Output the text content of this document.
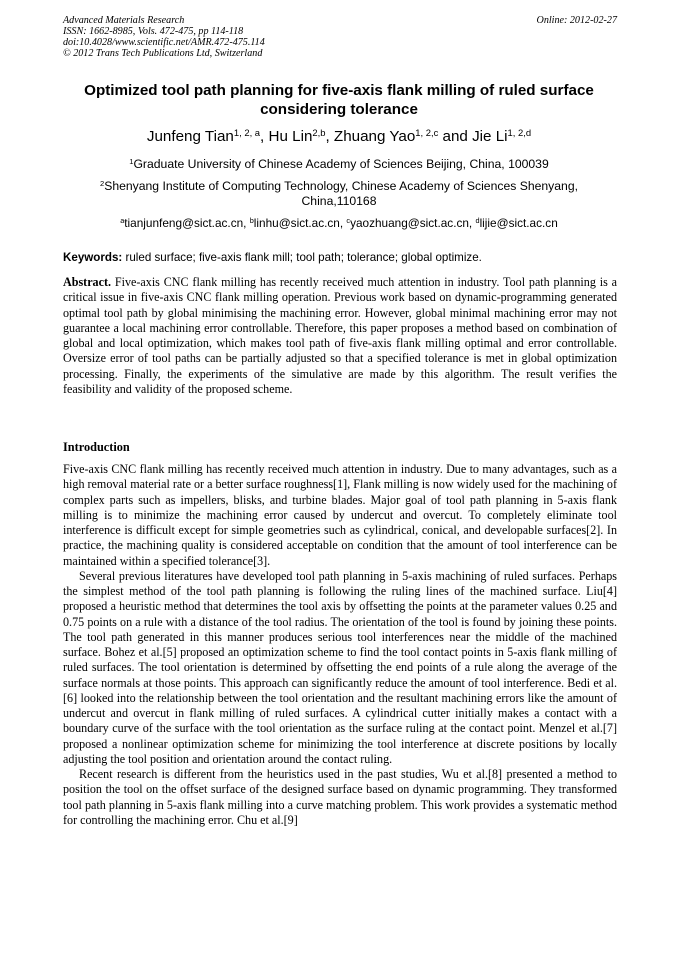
Advanced Materials Research
ISSN: 1662-8985, Vols. 472-475, pp 114-118
doi:10.4028/www.scientific.net/AMR.472-475.114
© 2012 Trans Tech Publications Ltd, Switzerland
Online: 2012-02-27
Optimized tool path planning for five-axis flank milling of ruled surface considering tolerance
Junfeng Tian$^{1, 2, a}$, Hu Lin$^{2,b}$, Zhuang Yao$^{1, 2,c}$ and Jie Li$^{1, 2,d}$
$^1$Graduate University of Chinese Academy of Sciences Beijing, China, 100039
$^2$Shenyang Institute of Computing Technology, Chinese Academy of Sciences Shenyang, China,110168
$^a$tianjunfeng@sict.ac.cn, $^b$linhu@sict.ac.cn, $^c$yaozhuang@sict.ac.cn, $^d$lijie@sict.ac.cn
Keywords: ruled surface; five-axis flank mill; tool path; tolerance; global optimize.
Abstract. Five-axis CNC flank milling has recently received much attention in industry. Tool path planning is a critical issue in five-axis CNC flank milling operation. Previous work based on dynamic-programming generated optimal tool path by global minimising the machining error. However, global minimal machining error may not guarantee a local machining error controllable. Therefore, this paper proposes a method based on combination of global and local optimization, which makes tool path of five-axis flank milling optimal and error controllable. Oversize error of tool paths can be partially adjusted so that a specified tolerance is met in global optimization processing. Finally, the experiments of the simulative are made by this algorithm. The result verifies the feasibility and validity of the proposed scheme.
Introduction

Five-axis CNC flank milling has recently received much attention in industry. Due to many advantages, such as a high removal material rate or a better surface roughness[1], Flank milling is now widely used for the machining of complex parts such as impellers, blisks, and turbine blades. Major goal of tool path planning in 5-axis flank milling is to minimize the machining error caused by undercut and overcut. To completely eliminate tool interference is difficult except for simple geometries such as cylindrical, conical, and developable surfaces[2]. In practice, the machining quality is considered acceptable on condition that the amount of tool interference can be maintained within a specified tolerance[3].

Several previous literatures have developed tool path planning in 5-axis machining of ruled surfaces. Perhaps the simplest method of the tool path planning is following the ruling lines of the machined surface. Liu[4] proposed a heuristic method that determines the tool axis by offsetting the points at the parameter values 0.25 and 0.75 points on a rule with a distance of the tool radius. The orientation of the tool is found by joining these points. The tool path generated in this manner produces serious tool interferences near the middle of the machined surface. Bohez et al.[5] proposed an optimization scheme to find the tool contact points in 5-axis flank milling of ruled surfaces. The tool orientation is determined by offsetting the end points of a rule along the average of the surface normals at those points. This approach can significantly reduce the amount of tool interference. Bedi et al.[6] looked into the relationship between the tool orientation and the resultant machining errors like the amount of undercut and overcut in flank milling of ruled surfaces. A cylindrical cutter initially makes a contact with a boundary curve of the surface with the tool orientation as the surface ruling at the contact point. Menzel et al.[7] proposed a nonlinear optimization scheme for minimizing the tool interference at discrete positions by locally adjusting the tool position and orientation around the contact ruling.

Recent research is different from the heuristics used in the past studies, Wu et al.[8] presented a method to position the tool on the offset surface of the designed surface based on dynamic programming. They transformed tool path planning in 5-axis flank milling into a curve matching problem. This work provides a systematic method for controlling the machining error. Chu et al.[9]
